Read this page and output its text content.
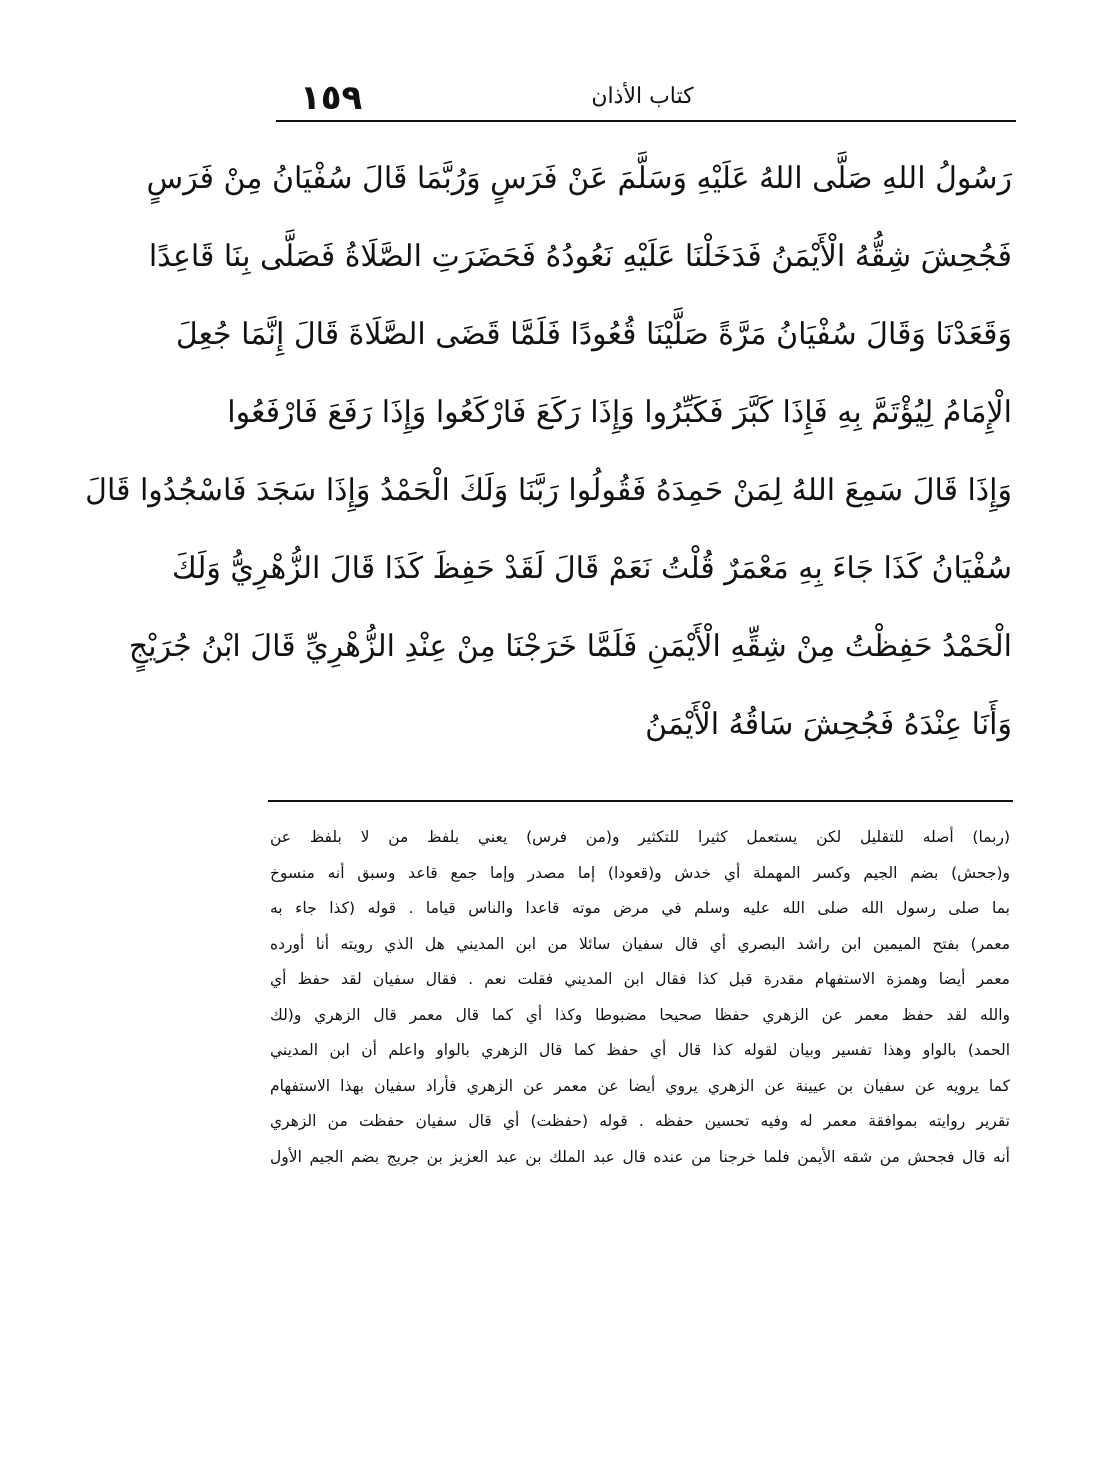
١٥٩	كتاب الأذان
رَسُولُ اللهِ صَلَّى اللهُ عَلَيْهِ وَسَلَّمَ عَنْ فَرَسٍ وَرُبَّمَا قَالَ سُفْيَانُ مِنْ فَرَسٍ
فَجُحِشَ شِقُّهُ الْأَيْمَنُ فَدَخَلْنَا عَلَيْهِ نَعُودُهُ فَحَضَرَتِ الصَّلَاةُ فَصَلَّى بِنَا قَاعِدًا
وَقَعَدْنَا وَقَالَ سُفْيَانُ مَرَّةً صَلَّيْنَا قُعُودًا فَلَمَّا قَضَى الصَّلَاةَ قَالَ إِنَّمَا جُعِلَ
الْإِمَامُ لِيُؤْتَمَّ بِهِ فَإِذَا كَبَّرَ فَكَبِّرُوا وَإِذَا رَكَعَ فَارْكَعُوا وَإِذَا رَفَعَ فَارْفَعُوا
وَإِذَا قَالَ سَمِعَ اللهُ لِمَنْ حَمِدَهُ فَقُولُوا رَبَّنَا وَلَكَ الْحَمْدُ وَإِذَا سَجَدَ فَاسْجُدُوا قَالَ
سُفْيَانُ كَذَا جَاءَ بِهِ مَعْمَرٌ قُلْتُ نَعَمْ قَالَ لَقَدْ حَفِظَ كَذَا قَالَ الزُّهْرِيُّ وَلَكَ
الْحَمْدُ حَفِظْتُ مِنْ شِقِّهِ الْأَيْمَنِ فَلَمَّا خَرَجْنَا مِنْ عِنْدِ الزُّهْرِيِّ قَالَ ابْنُ جُرَيْجٍ
وَأَنَا عِنْدَهُ فَجُحِشَ سَاقُهُ الْأَيْمَنُ
(ربما) أصله للتقليل لكن يستعمل كثيرا للتكثير و(من فرس) يعني بلفظ من لا بلفظ عن
و(جحش) بضم الجيم وكسر المهملة أي خدش و(قعودا) إما مصدر وإما جمع قاعد وسبق أنه منسوخ
بما صلى رسول الله صلى الله عليه وسلم في مرض موته قاعدا والناس قياما . قوله (كذا جاء به
معمر) بفتح الميمين ابن راشد البصري أي قال سفيان سائلا من ابن المديني هل الذي رويته أنا أورده
معمر أيضا وهمزة الاستفهام مقدرة قبل كذا فقال ابن المديني فقلت نعم . فقال سفيان لقد حفظ أي
والله لقد حفظ معمر عن الزهري حفظا صحيحا مضبوطا وكذا أي كما قال معمر قال الزهري و(لك
الحمد) بالواو وهذا تفسير وبيان لقوله كذا قال أي حفظ كما قال الزهري بالواو واعلم أن ابن المديني
كما يرويه عن سفيان بن عيينة عن الزهري يروي أيضا عن معمر عن الزهري فأراد سفيان بهذا الاستفهام
تقرير روايته بموافقة معمر له وفيه تحسين حفظه . قوله (حفظت) أي قال سفيان حفظت من الزهري
أنه قال فجحش من شقه الأيمن فلما خرجنا من عنده قال عبد الملك بن عبد العزيز بن جريج بضم الجيم الأول
